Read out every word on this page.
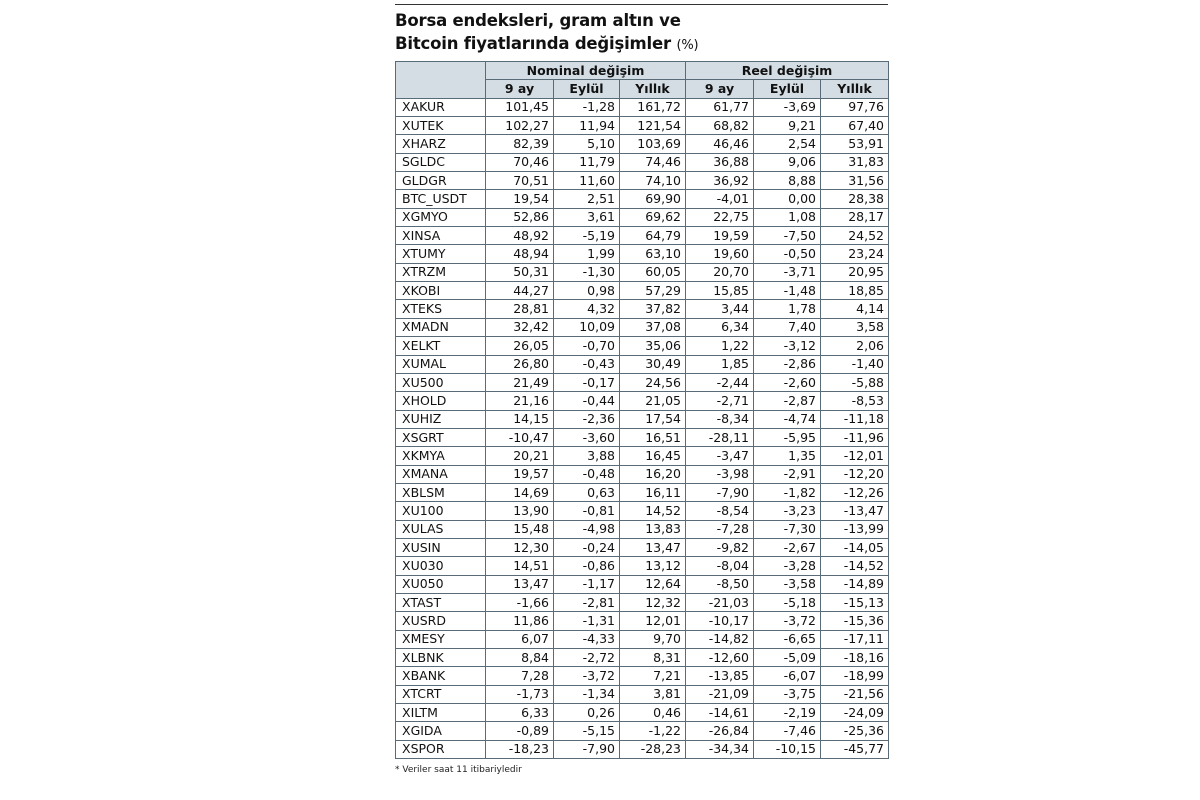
Borsa endeksleri, gram altın ve
Bitcoin fiyatlarında değişimler (%)
	Nominal değişim			Reel değişim		
	9 ay	Eylül	Yıllık	9 ay	Eylül	Yıllık
XAKUR	101,45	-1,28	161,72	61,77	-3,69	97,76
XUTEK	102,27	11,94	121,54	68,82	9,21	67,40
XHARZ	82,39	5,10	103,69	46,46	2,54	53,91
SGLDC	70,46	11,79	74,46	36,88	9,06	31,83
GLDGR	70,51	11,60	74,10	36,92	8,88	31,56
BTC_USDT	19,54	2,51	69,90	-4,01	0,00	28,38
XGMYO	52,86	3,61	69,62	22,75	1,08	28,17
XINSA	48,92	-5,19	64,79	19,59	-7,50	24,52
XTUMY	48,94	1,99	63,10	19,60	-0,50	23,24
XTRZM	50,31	-1,30	60,05	20,70	-3,71	20,95
XKOBI	44,27	0,98	57,29	15,85	-1,48	18,85
XTEKS	28,81	4,32	37,82	3,44	1,78	4,14
XMADN	32,42	10,09	37,08	6,34	7,40	3,58
XELKT	26,05	-0,70	35,06	1,22	-3,12	2,06
XUMAL	26,80	-0,43	30,49	1,85	-2,86	-1,40
XU500	21,49	-0,17	24,56	-2,44	-2,60	-5,88
XHOLD	21,16	-0,44	21,05	-2,71	-2,87	-8,53
XUHIZ	14,15	-2,36	17,54	-8,34	-4,74	-11,18
XSGRT	-10,47	-3,60	16,51	-28,11	-5,95	-11,96
XKMYA	20,21	3,88	16,45	-3,47	1,35	-12,01
XMANA	19,57	-0,48	16,20	-3,98	-2,91	-12,20
XBLSM	14,69	0,63	16,11	-7,90	-1,82	-12,26
XU100	13,90	-0,81	14,52	-8,54	-3,23	-13,47
XULAS	15,48	-4,98	13,83	-7,28	-7,30	-13,99
XUSIN	12,30	-0,24	13,47	-9,82	-2,67	-14,05
XU030	14,51	-0,86	13,12	-8,04	-3,28	-14,52
XU050	13,47	-1,17	12,64	-8,50	-3,58	-14,89
XTAST	-1,66	-2,81	12,32	-21,03	-5,18	-15,13
XUSRD	11,86	-1,31	12,01	-10,17	-3,72	-15,36
XMESY	6,07	-4,33	9,70	-14,82	-6,65	-17,11
XLBNK	8,84	-2,72	8,31	-12,60	-5,09	-18,16
XBANK	7,28	-3,72	7,21	-13,85	-6,07	-18,99
XTCRT	-1,73	-1,34	3,81	-21,09	-3,75	-21,56
XILTM	6,33	0,26	0,46	-14,61	-2,19	-24,09
XGIDA	-0,89	-5,15	-1,22	-26,84	-7,46	-25,36
XSPOR	-18,23	-7,90	-28,23	-34,34	-10,15	-45,77
* Veriler saat 11 itibariyledir
